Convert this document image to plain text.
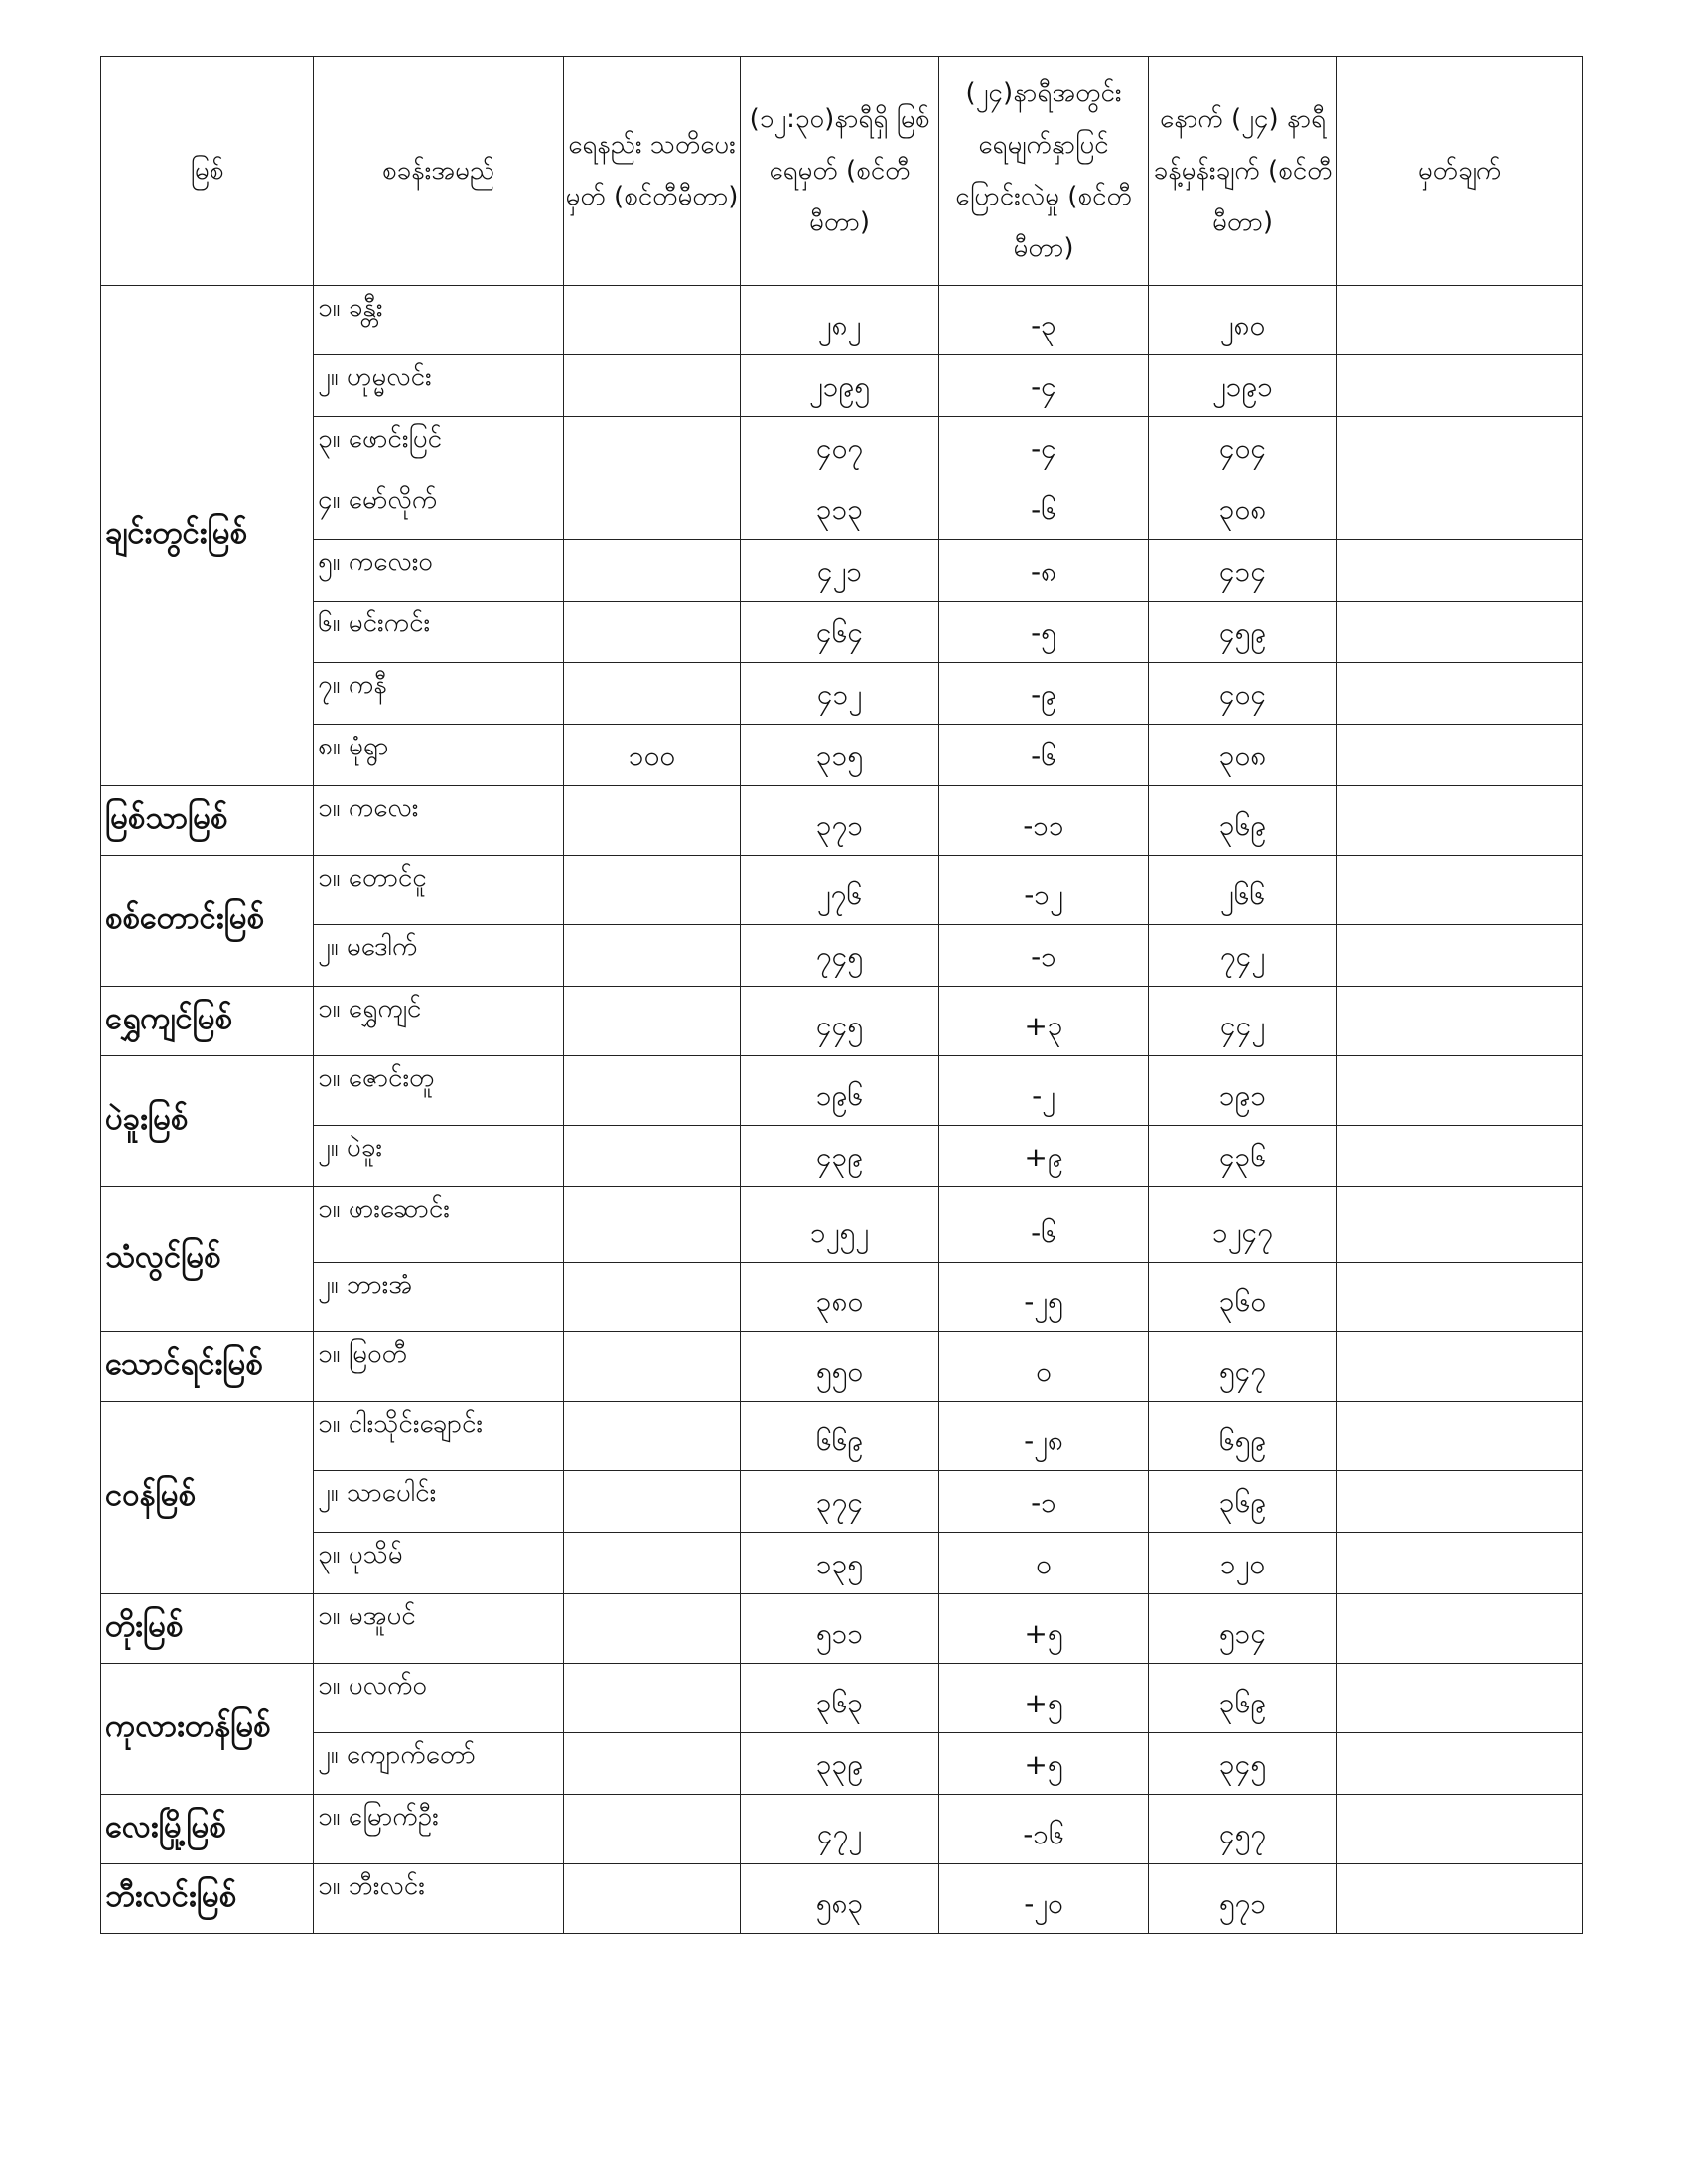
မြစ်	စခန်းအမည်	ရေနည်း သတိပေးမှတ် (စင်တီမီတာ)	(၁၂:၃၀)နာရီရှိ မြစ်ရေမှတ် (စင်တီမီတာ)	(၂၄)နာရီအတွင်း ရေမျက်နှာပြင် ပြောင်းလဲမှု (စင်တီမီတာ)	နောက် (၂၄) နာရီ ခန့်မှန်းချက် (စင်တီမီတာ)	မှတ်ချက်
ချင်းတွင်းမြစ်	၁။ ခန္တီး		၂၈၂	-၃	၂၈၀	
	၂။ ဟုမ္မလင်း		၂၁၉၅	-၄	၂၁၉၁	
	၃။ ဖောင်းပြင်		၄၀၇	-၄	၄၀၄	
	၄။ မော်လိုက်		၃၁၃	-၆	၃၀၈	
	၅။ ကလေးဝ		၄၂၁	-၈	၄၁၄	
	၆။ မင်းကင်း		၄၆၄	-၅	၄၅၉	
	၇။ ကနီ		၄၁၂	-၉	၄၀၄	
	၈။ မုံရွာ	၁၀၀	၃၁၅	-၆	၃၀၈	
မြစ်သာမြစ်	၁။ ကလေး		၃၇၁	-၁၁	၃၆၉	
စစ်တောင်းမြစ်	၁။ တောင်ငူ		၂၇၆	-၁၂	၂၆၆	
	၂။ မဒေါက်		၇၄၅	-၁	၇၄၂	
ရွှေကျင်မြစ်	၁။ ရွှေကျင်		၄၄၅	+၃	၄၄၂	
ပဲခူးမြစ်	၁။ ဇောင်းတူ		၁၉၆	-၂	၁၉၁	
	၂။ ပဲခူး		၄၃၉	+၉	၄၃၆	
သံလွင်မြစ်	၁။ ဖားဆောင်း		၁၂၅၂	-၆	၁၂၄၇	
	၂။ ဘားအံ		၃၈၀	-၂၅	၃၆၀	
သောင်ရင်းမြစ်	၁။ မြဝတီ		၅၅၀	၀	၅၄၇	
ငဝန်မြစ်	၁။ ငါးသိုင်းချောင်း		၆၆၉	-၂၈	၆၅၉	
	၂။ သာပေါင်း		၃၇၄	-၁	၃၆၉	
	၃။ ပုသိမ်		၁၃၅	၀	၁၂၀	
တိုးမြစ်	၁။ မအူပင်		၅၁၁	+၅	၅၁၄	
ကုလားတန်မြစ်	၁။ ပလက်ဝ		၃၆၃	+၅	၃၆၉	
	၂။ ကျောက်တော်		၃၃၉	+၅	၃၄၅	
လေးမြို့မြစ်	၁။ မြောက်ဦး		၄၇၂	-၁၆	၄၅၇	
ဘီးလင်းမြစ်	၁။ ဘီးလင်း		၅၈၃	-၂၀	၅၇၁	
